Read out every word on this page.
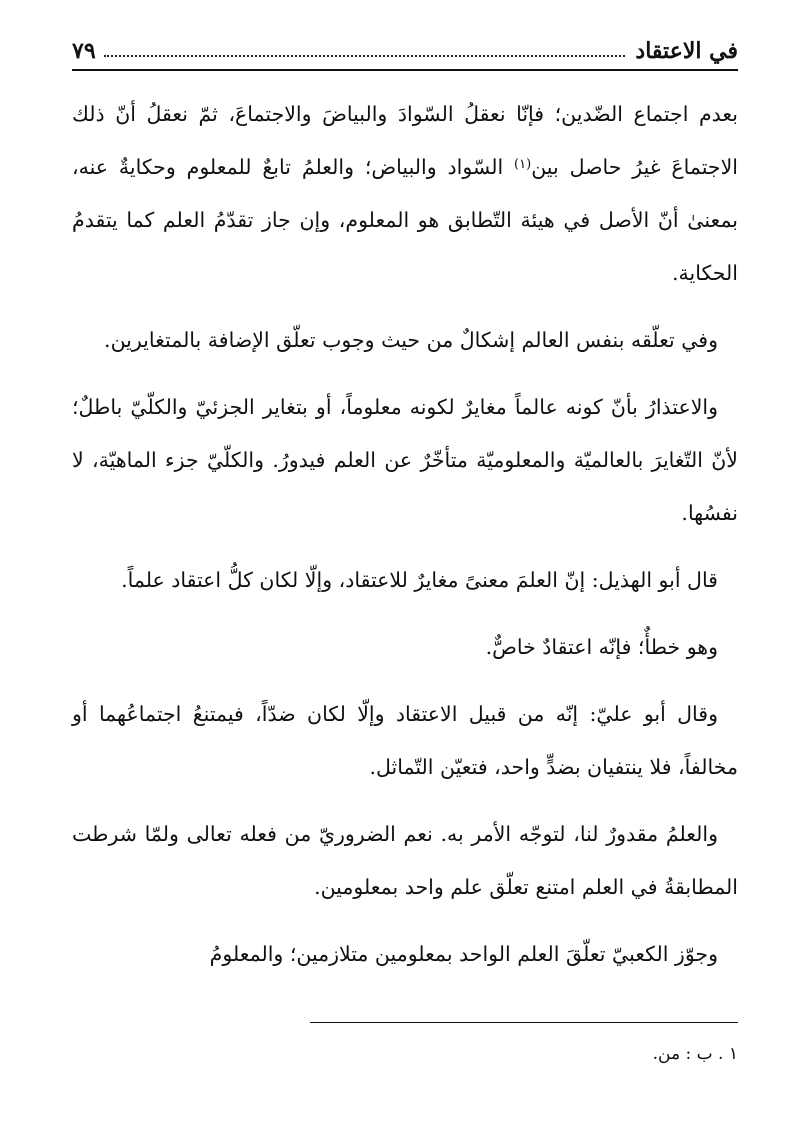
في الاعتقاد
٧٩

بعدم اجتماع الضّدين؛ فإنّا نعقلُ السّوادَ والبياضَ والاجتماعَ، ثمّ نعقلُ أنّ ذلك الاجتماعَ غيرُ حاصل بين$^{(١)}$ السّواد والبياض؛ والعلمُ تابعٌ للمعلوم وحكايةٌ عنه، بمعنىٰ أنّ الأصل في هيئة التّطابق هو المعلوم، وإن جاز تقدّمُ العلم كما يتقدمُ الحكاية.

وفي تعلّقه بنفس العالم إشكالٌ من حيث وجوب تعلّق الإضافة بالمتغايرين.

والاعتذارُ بأنّ كونه عالماً مغايرٌ لكونه معلوماً، أو بتغاير الجزئيّ والكلّيّ باطلٌ؛ لأنّ التّغايرَ بالعالميّة والمعلوميّة متأخّرٌ عن العلم فيدورُ. والكلّيّ جزء الماهيّة، لا نفسُها.

قال أبو الهذيل: إنّ العلمَ معنىً مغايرٌ للاعتقاد، وإلّا لكان كلُّ اعتقاد علماً.

وهو خطأٌ؛ فإنّه اعتقادٌ خاصٌّ.

وقال أبو عليّ: إنّه من قبيل الاعتقاد وإلّا لكان ضدّاً، فيمتنعُ اجتماعُهما أو مخالفاً، فلا ينتفيان بضدٍّ واحد، فتعيّن التّماثل.

والعلمُ مقدورٌ لنا، لتوجّه الأمر به. نعم الضروريّ من فعله تعالى ولمّا شرطت المطابقةُ في العلم امتنع تعلّق علم واحد بمعلومين.

وجوّز الكعبيّ تعلّقَ العلم الواحد بمعلومين متلازمين؛ والمعلومُ

١ . ب : من.
